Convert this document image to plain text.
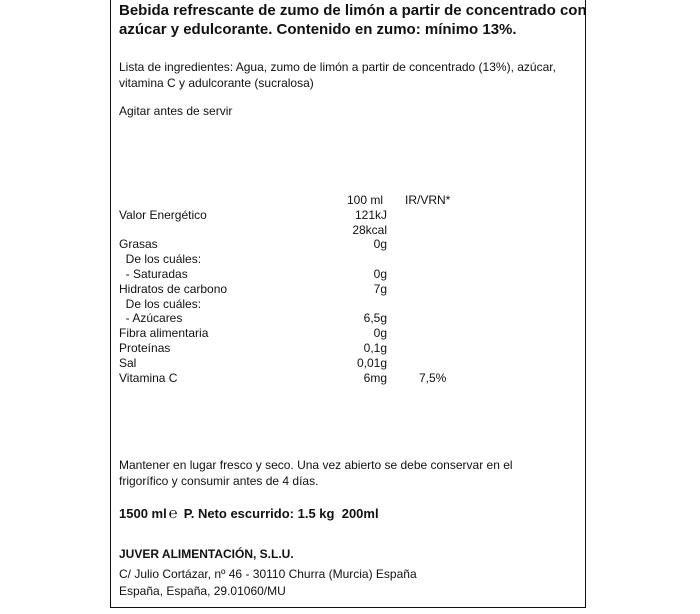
Bebida refrescante de zumo de limón a partir de concentrado con azúcar y edulcorante. Contenido en zumo: mínimo 13%.
Lista de ingredientes: Agua, zumo de limón a partir de concentrado (13%), azúcar, vitamina C y adulcorante (sucralosa)
Agitar antes de servir
100 ml IR/VRN*
Valor Energético	121kJ
28kcal
Grasas	0g
De los cuáles:
- Saturadas	0g
Hidratos de carbono	7g
De los cuáles:
- Azúcares	6,5g
Fibra alimentaria	0g
Proteínas	0,1g
Sal	0,01g
Vitamina C	6mg	7,5%
Mantener en lugar fresco y seco. Una vez abierto se debe conservar en el frigorífico y consumir antes de 4 días.
1500 ml ℮ P. Neto escurrido: 1.5 kg 200ml
JUVER ALIMENTACIÓN, S.L.U.
C/ Julio Cortázar, nº 46 - 30110 Churra (Murcia) España
España, España, 29.01060/MU
